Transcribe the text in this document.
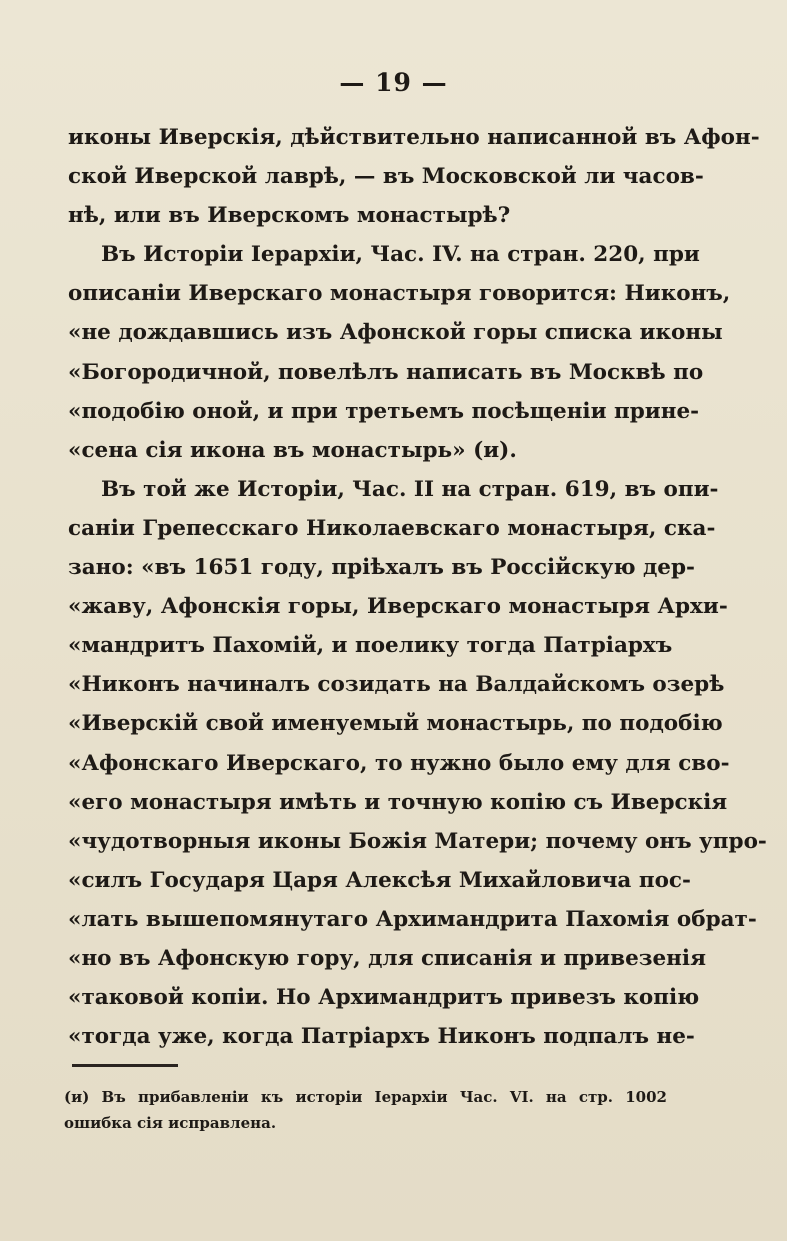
— 19 —
иконы Иверскія, дѣйствительно написанной въ Афон-
ской Иверской лаврѣ, — въ Московской ли часов-
нѣ, или въ Иверскомъ монастырѣ?
Въ Исторіи Іерархіи, Час. IV. на стран. 220, при
описаніи Иверскаго монастыря говорится: Никонъ,
«не дождавшись изъ Афонской горы списка иконы
«Богородичной, повелѣлъ написать въ Москвѣ по
«подобію оной, и при третьемъ посѣщеніи прине-
«сена сія икона въ монастырь» (и).
Въ той же Исторіи, Час. II на стран. 619, въ опи-
саніи Грепесскаго Николаевскаго монастыря, ска-
зано: «въ 1651 году, пріѣхалъ въ Россійскую дер-
«жаву, Афонскія горы, Иверскаго монастыря Архи-
«мандритъ Пахомій, и поелику тогда Патріархъ
«Никонъ начиналъ созидать на Валдайскомъ озерѣ
«Иверскій свой именуемый монастырь, по подобію
«Афонскаго Иверскаго, то нужно было ему для сво-
«его монастыря имѣть и точную копію съ Иверскія
«чудотворныя иконы Божія Матери; почему онъ упро-
«силъ Государя Царя Алексѣя Михайловича пос-
«лать вышепомянутаго Архимандрита Пахомія обрат-
«но въ Афонскую гору, для списанія и привезенія
«таковой копіи. Но Архимандритъ привезъ копію
«тогда уже, когда Патріархъ Никонъ подпалъ не-
(и) Въ прибавленіи къ исторіи Іерархіи Час. VI. на стр. 1002
ошибка сія исправлена.
